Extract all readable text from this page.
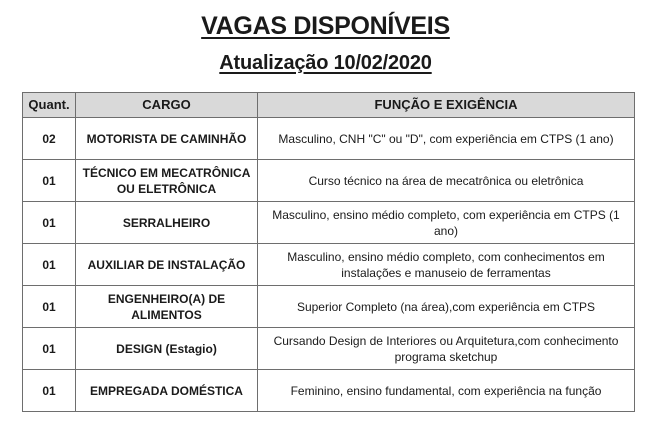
VAGAS DISPONÍVEIS
Atualização 10/02/2020
Quant.	CARGO	FUNÇÃO E EXIGÊNCIA
02	MOTORISTA DE CAMINHÃO	Masculino, CNH "C" ou "D", com experiência em CTPS (1 ano)
01	TÉCNICO EM MECATRÔNICA OU ELETRÔNICA	Curso técnico na área de mecatrônica ou eletrônica
01	SERRALHEIRO	Masculino, ensino médio completo, com experiência em CTPS (1 ano)
01	AUXILIAR DE INSTALAÇÃO	Masculino, ensino médio completo, com conhecimentos em instalações e manuseio de ferramentas
01	ENGENHEIRO(A) DE ALIMENTOS	Superior Completo (na área),com experiência em CTPS
01	DESIGN (Estagio)	Cursando Design de Interiores ou Arquitetura,com conhecimento programa sketchup
01	EMPREGADA DOMÉSTICA	Feminino, ensino fundamental, com experiência na função
